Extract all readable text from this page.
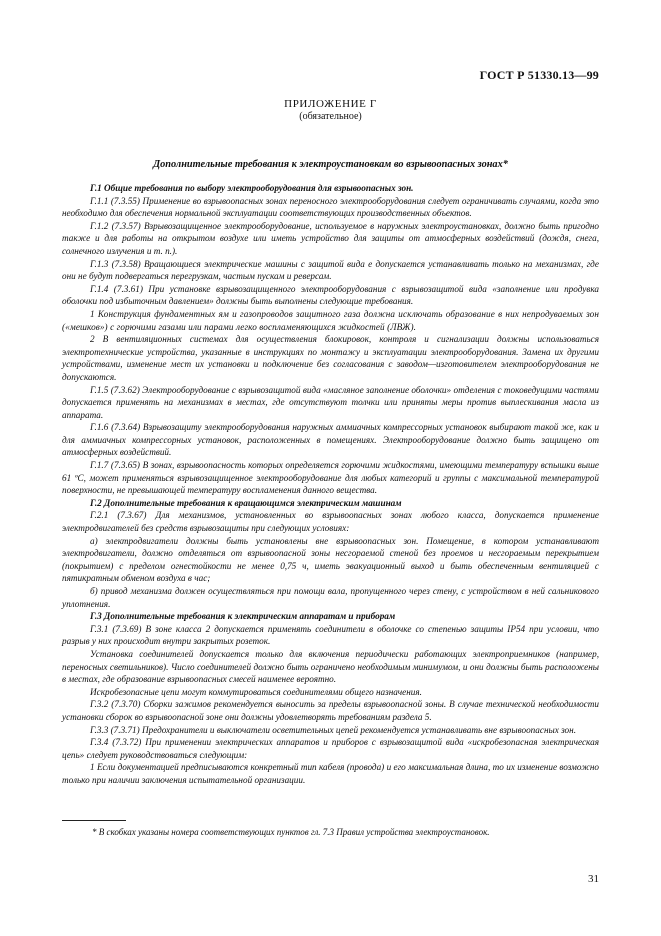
ГОСТ Р 51330.13—99
ПРИЛОЖЕНИЕ Г
(обязательное)
Дополнительные требования к электроустановкам во взрывоопасных зонах*

Г.1 Общие требования по выбору электрооборудования для взрывоопасных зон.

Г.1.1 (7.3.55) Применение во взрывоопасных зонах переносного электрооборудования следует ограничивать случаями, когда это необходимо для обеспечения нормальной эксплуатации соответствующих производственных объектов.

Г.1.2 (7.3.57) Взрывозащищенное электрооборудование, используемое в наружных электроустановках, должно быть пригодно также и для работы на открытом воздухе или иметь устройство для защиты от атмосферных воздействий (дождя, снега, солнечного излучения и т. п.).

Г.1.3 (7.3.58) Вращающиеся электрические машины с защитой вида е допускается устанавливать только на механизмах, где они не будут подвергаться перегрузкам, частым пускам и реверсам.

Г.1.4 (7.3.61) При установке взрывозащищенного электрооборудования с взрывозащитой вида «заполнение или продувка оболочки под избыточным давлением» должны быть выполнены следующие требования.

1 Конструкция фундаментных ям и газопроводов защитного газа должна исключать образование в них непродуваемых зон («мешков») с горючими газами или парами легко воспламеняющихся жидкостей (ЛВЖ).

2 В вентиляционных системах для осуществления блокировок, контроля и сигнализации должны использоваться электротехнические устройства, указанные в инструкциях по монтажу и эксплуатации электрооборудования. Замена их другими устройствами, изменение мест их установки и подключение без согласования с заводом—изготовителем электрооборудования не допускаются.

Г.1.5 (7.3.62) Электрооборудование с взрывозащитой вида «масляное заполнение оболочки» отделения с токоведущими частями допускается применять на механизмах в местах, где отсутствуют толчки или приняты меры против выплескивания масла из аппарата.

Г.1.6 (7.3.64) Взрывозащиту электрооборудования наружных аммиачных компрессорных установок выбирают такой же, как и для аммиачных компрессорных установок, расположенных в помещениях. Электрооборудование должно быть защищено от атмосферных воздействий.

Г.1.7 (7.3.65) В зонах, взрывоопасность которых определяется горючими жидкостями, имеющими температуру вспышки выше 61 ºС, может применяться взрывозащищенное электрооборудование для любых категорий и группы с максимальной температурой поверхности, не превышающей температуру воспламенения данного вещества.

Г.2 Дополнительные требования к вращающимся электрическим машинам

Г.2.1 (7.3.67) Для механизмов, установленных во взрывоопасных зонах любого класса, допускается применение электродвигателей без средств взрывозащиты при следующих условиях:

а) электродвигатели должны быть установлены вне взрывоопасных зон. Помещение, в котором устанавливают электродвигатели, должно отделяться от взрывоопасной зоны несгораемой стеной без проемов и несгораемым перекрытием (покрытием) с пределом огнестойкости не менее 0,75 ч, иметь эвакуационный выход и быть обеспеченным вентиляцией с пятикратным обменом воздуха в час;

б) привод механизма должен осуществляться при помощи вала, пропущенного через стену, с устройством в ней сальникового уплотнения.

Г.3 Дополнительные требования к электрическим аппаратам и приборам

Г.3.1 (7.3.69) В зоне класса 2 допускается применять соединители в оболочке со степенью защиты IP54 при условии, что разрыв у них происходит внутри закрытых розеток.

Установка соединителей допускается только для включения периодически работающих электроприемников (например, переносных светильников). Число соединителей должно быть ограничено необходимым минимумом, и они должны быть расположены в местах, где образование взрывоопасных смесей наименее вероятно.

Искробезопасные цепи могут коммутироваться соединителями общего назначения.

Г.3.2 (7.3.70) Сборки зажимов рекомендуется выносить за пределы взрывоопасной зоны. В случае технической необходимости установки сборок во взрывоопасной зоне они должны удовлетворять требованиям раздела 5.

Г.3.3 (7.3.71) Предохранители и выключатели осветительных цепей рекомендуется устанавливать вне взрывоопасных зон.

Г.3.4 (7.3.72) При применении электрических аппаратов и приборов с взрывозащитой вида «искробезопасная электрическая цепь» следует руководствоваться следующим:

1 Если документацией предписываются конкретный тип кабеля (провода) и его максимальная длина, то их изменение возможно только при наличии заключения испытательной организации.

* В скобках указаны номера соответствующих пунктов гл. 7.3 Правил устройства электроустановок.
31
